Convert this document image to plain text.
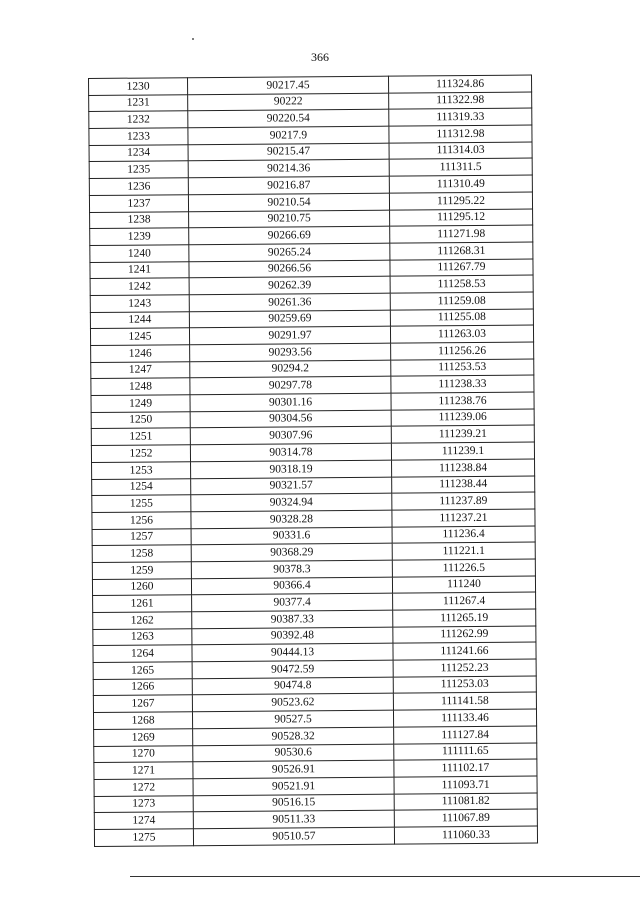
366
1230	90217.45	111324.86
1231	90222	111322.98
1232	90220.54	111319.33
1233	90217.9	111312.98
1234	90215.47	111314.03
1235	90214.36	111311.5
1236	90216.87	111310.49
1237	90210.54	111295.22
1238	90210.75	111295.12
1239	90266.69	111271.98
1240	90265.24	111268.31
1241	90266.56	111267.79
1242	90262.39	111258.53
1243	90261.36	111259.08
1244	90259.69	111255.08
1245	90291.97	111263.03
1246	90293.56	111256.26
1247	90294.2	111253.53
1248	90297.78	111238.33
1249	90301.16	111238.76
1250	90304.56	111239.06
1251	90307.96	111239.21
1252	90314.78	111239.1
1253	90318.19	111238.84
1254	90321.57	111238.44
1255	90324.94	111237.89
1256	90328.28	111237.21
1257	90331.6	111236.4
1258	90368.29	111221.1
1259	90378.3	111226.5
1260	90366.4	111240
1261	90377.4	111267.4
1262	90387.33	111265.19
1263	90392.48	111262.99
1264	90444.13	111241.66
1265	90472.59	111252.23
1266	90474.8	111253.03
1267	90523.62	111141.58
1268	90527.5	111133.46
1269	90528.32	111127.84
1270	90530.6	111111.65
1271	90526.91	111102.17
1272	90521.91	111093.71
1273	90516.15	111081.82
1274	90511.33	111067.89
1275	90510.57	111060.33
